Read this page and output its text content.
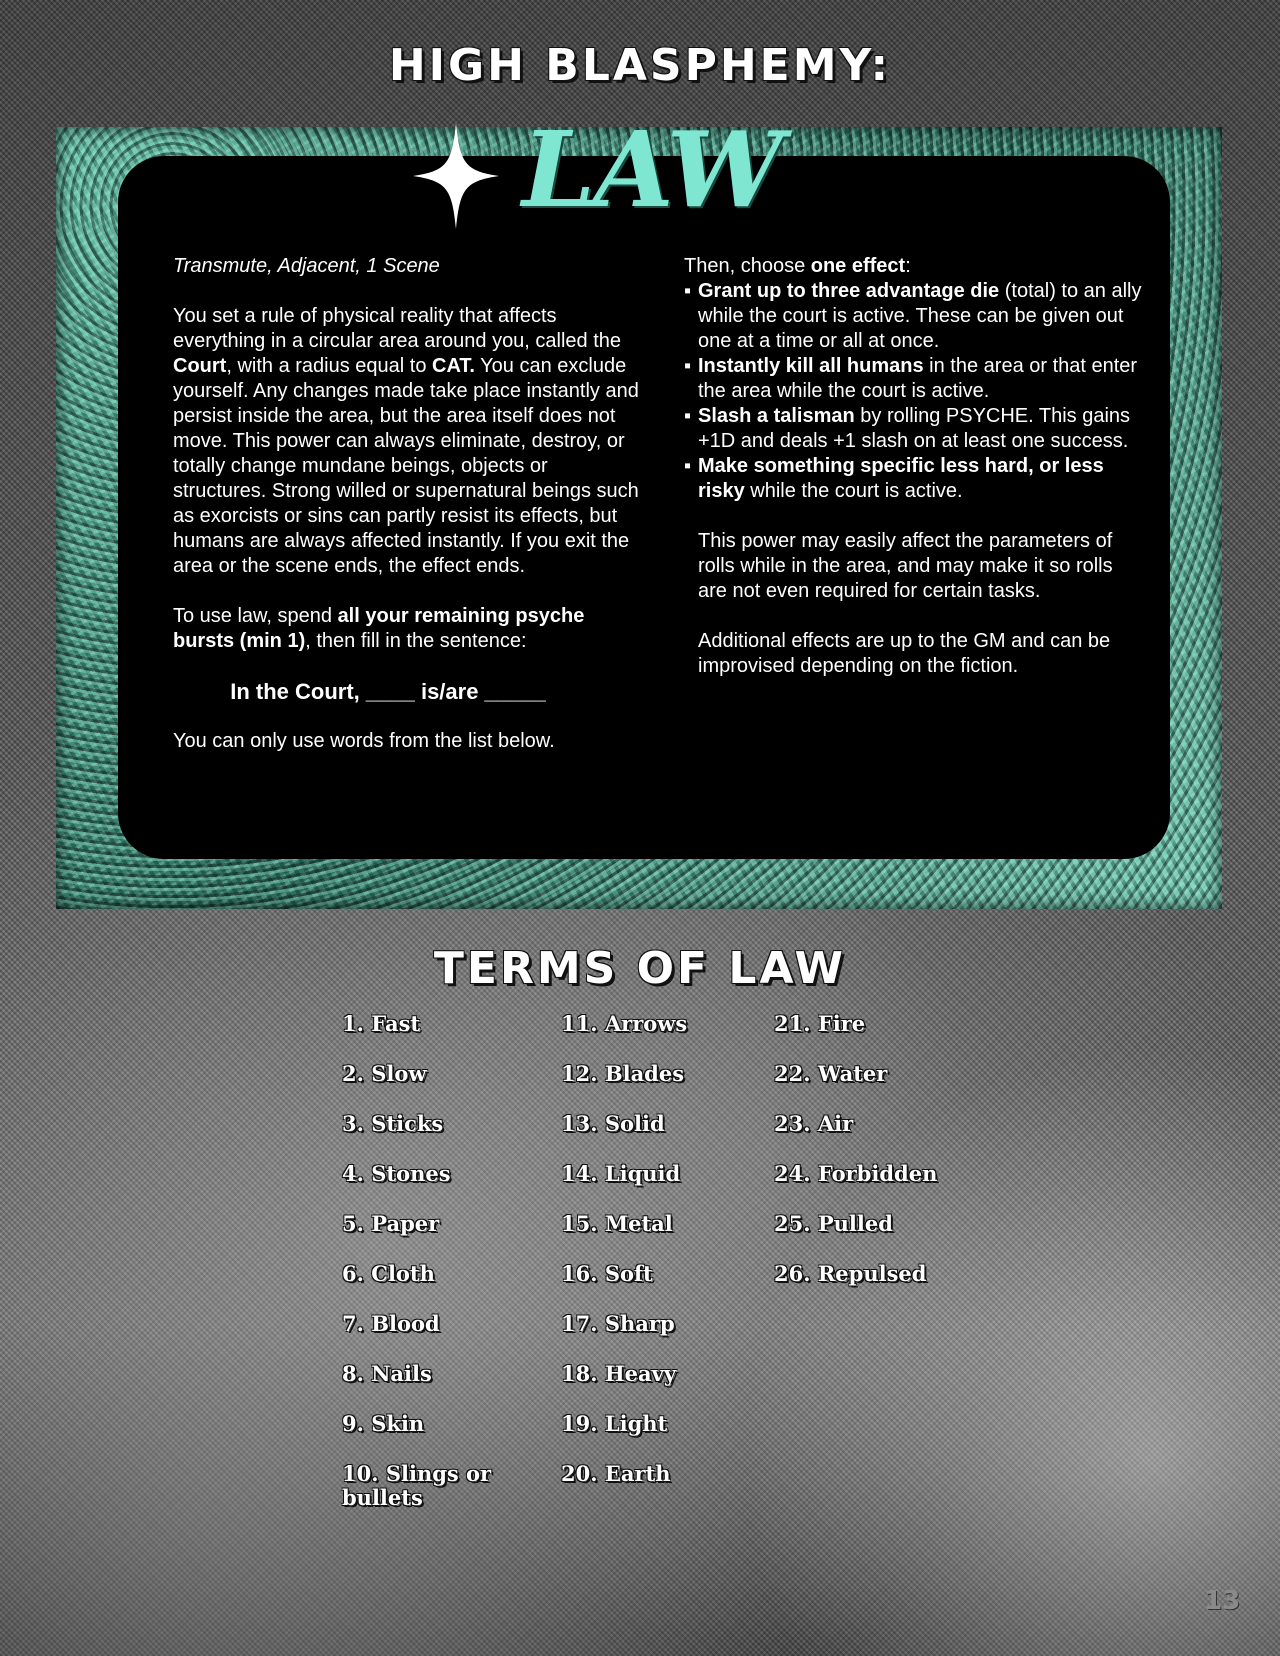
HIGH BLASPHEMY:
LAW

Transmute, Adjacent, 1 Scene

You set a rule of physical reality that affects everything in a circular area around you, called the Court, with a radius equal to CAT. You can exclude yourself. Any changes made take place instantly and persist inside the area, but the area itself does not move. This power can always eliminate, destroy, or totally change mundane beings, objects or structures. Strong willed or supernatural beings such as exorcists or sins can partly resist its effects, but humans are always affected instantly. If you exit the area or the scene ends, the effect ends.

To use law, spend all your remaining psyche bursts (min 1), then fill in the sentence:

In the Court, ____ is/are _____

You can only use words from the list below.

Then, choose one effect:

▪ Grant up to three advantage die (total) to an ally while the court is active. These can be given out one at a time or all at once.

▪ Instantly kill all humans in the area or that enter the area while the court is active.

▪ Slash a talisman by rolling PSYCHE. This gains +1D and deals +1 slash on at least one success.

▪ Make something specific less hard, or less risky while the court is active.

This power may easily affect the parameters of rolls while in the area, and may make it so rolls are not even required for certain tasks.

Additional effects are up to the GM and can be improvised depending on the fiction.

TERMS OF LAW
1. Fast
2. Slow
3. Sticks
4. Stones
5. Paper
6. Cloth
7. Blood
8. Nails
9. Skin
10. Slings or bullets
11. Arrows
12. Blades
13. Solid
14. Liquid
15. Metal
16. Soft
17. Sharp
18. Heavy
19. Light
20. Earth
21. Fire
22. Water
23. Air
24. Forbidden
25. Pulled
26. Repulsed
13
